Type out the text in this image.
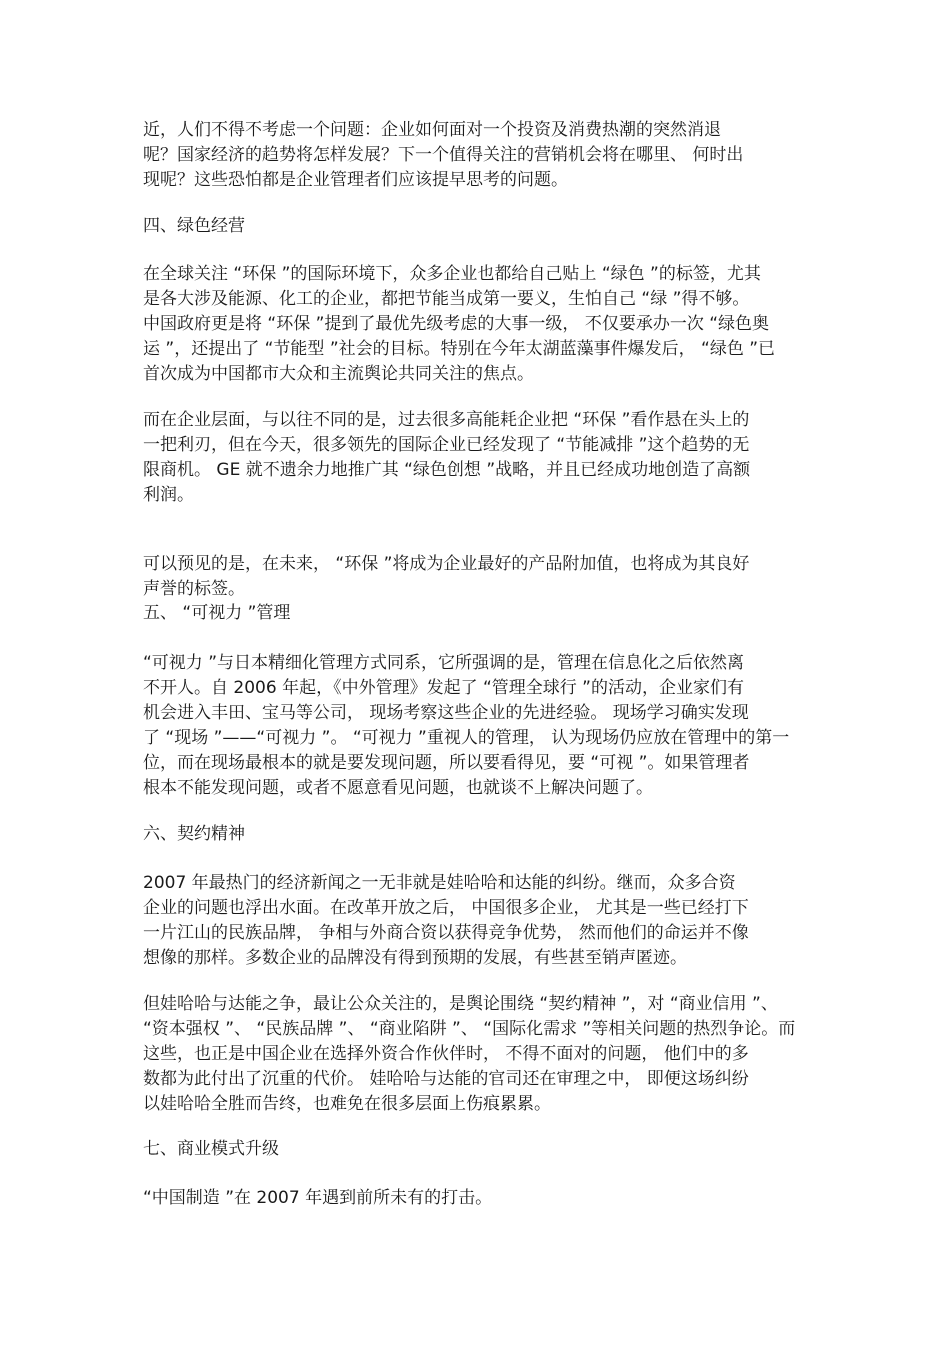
近，人们不得不考虑一个问题：企业如何面对一个投资及消费热潮的突然消退
呢？国家经济的趋势将怎样发展？下一个值得关注的营销机会将在哪里、 何时出
现呢？这些恐怕都是企业管理者们应该提早思考的问题。

四、绿色经营

在全球关注 “环保 ”的国际环境下，众多企业也都给自己贴上 “绿色 ”的标签，尤其
是各大涉及能源、化工的企业，都把节能当成第一要义，生怕自己 “绿 ”得不够。
中国政府更是将 “环保 ”提到了最优先级考虑的大事一级， 不仅要承办一次 “绿色奥
运 ”，还提出了 “节能型 ”社会的目标。特别在今年太湖蓝藻事件爆发后， “绿色 ”已
首次成为中国都市大众和主流舆论共同关注的焦点。

而在企业层面，与以往不同的是，过去很多高能耗企业把 “环保 ”看作悬在头上的
一把利刃，但在今天，很多领先的国际企业已经发现了 “节能减排 ”这个趋势的无
限商机。 GE 就不遗余力地推广其 “绿色创想 ”战略，并且已经成功地创造了高额
利润。

可以预见的是，在未来， “环保 ”将成为企业最好的产品附加值，也将成为其良好
声誉的标签。

五、 “可视力 ”管理

“可视力 ”与日本精细化管理方式同系，它所强调的是，管理在信息化之后依然离
不开人。自 2006 年起，《中外管理》发起了 “管理全球行 ”的活动，企业家们有
机会进入丰田、宝马等公司， 现场考察这些企业的先进经验。 现场学习确实发现
了 “现场 ”——“可视力 ”。 “可视力 ”重视人的管理， 认为现场仍应放在管理中的第一
位，而在现场最根本的就是要发现问题，所以要看得见，要 “可视 ”。如果管理者
根本不能发现问题，或者不愿意看见问题，也就谈不上解决问题了。

六、契约精神

2007 年最热门的经济新闻之一无非就是娃哈哈和达能的纠纷。继而，众多合资
企业的问题也浮出水面。在改革开放之后， 中国很多企业， 尤其是一些已经打下
一片江山的民族品牌， 争相与外商合资以获得竞争优势， 然而他们的命运并不像
想像的那样。多数企业的品牌没有得到预期的发展，有些甚至销声匿迹。

但娃哈哈与达能之争，最让公众关注的，是舆论围绕 “契约精神 ”，对 “商业信用 ”、
“资本强权 ”、 “民族品牌 ”、 “商业陷阱 ”、 “国际化需求 ”等相关问题的热烈争论。而
这些，也正是中国企业在选择外资合作伙伴时， 不得不面对的问题， 他们中的多
数都为此付出了沉重的代价。 娃哈哈与达能的官司还在审理之中， 即便这场纠纷
以娃哈哈全胜而告终，也难免在很多层面上伤痕累累。

七、商业模式升级

“中国制造 ”在 2007 年遇到前所未有的打击。
